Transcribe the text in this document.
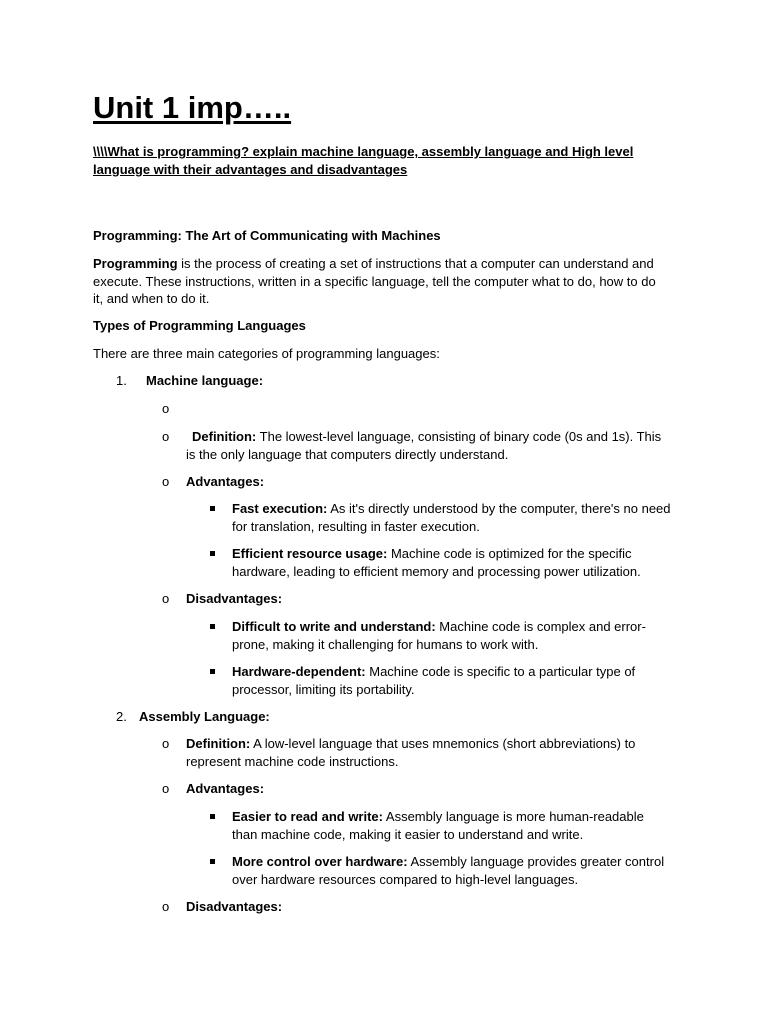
Unit 1 imp…..
\\\\What is programming? explain machine language, assembly language and High level language with their advantages and disadvantages
Programming: The Art of Communicating with Machines
Programming is the process of creating a set of instructions that a computer can understand and execute. These instructions, written in a specific language, tell the computer what to do, how to do it, and when to do it.
Types of Programming Languages
There are three main categories of programming languages:
1. Machine language:
o
o	Definition: The lowest-level language, consisting of binary code (0s and 1s). This is the only language that computers directly understand.
o Advantages:
Fast execution: As it's directly understood by the computer, there's no need for translation, resulting in faster execution.
Efficient resource usage: Machine code is optimized for the specific hardware, leading to efficient memory and processing power utilization.
o Disadvantages:
Difficult to write and understand: Machine code is complex and error-prone, making it challenging for humans to work with.
Hardware-dependent: Machine code is specific to a particular type of processor, limiting its portability.
2. Assembly Language:
o Definition: A low-level language that uses mnemonics (short abbreviations) to represent machine code instructions.
o Advantages:
Easier to read and write: Assembly language is more human-readable than machine code, making it easier to understand and write.
More control over hardware: Assembly language provides greater control over hardware resources compared to high-level languages.
o Disadvantages:
